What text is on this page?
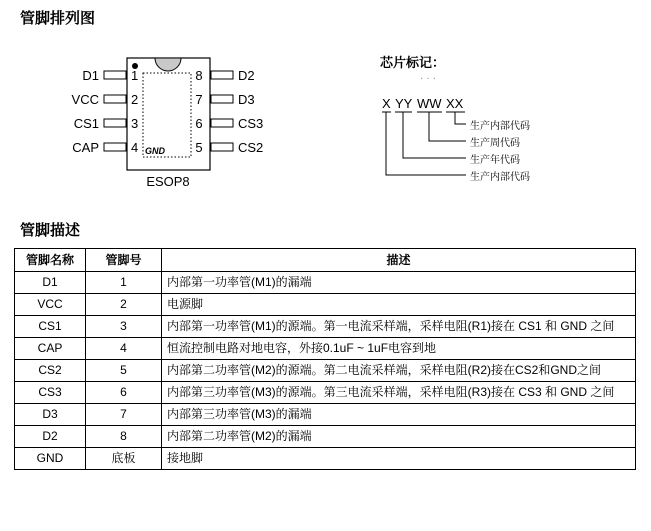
管脚排列图
GND
D1
VCC
CS1
CAP
1
2
3
4
D2
D3
CS3
CS2
8
7
6
5
ESOP8
芯片标记：
· · ·
X YY WW XX
生产内部代码
生产周代码
生产年代码
生产内部代码
管脚描述
管脚名称	管脚号	描述
D1	1	内部第一功率管(M1)的漏端
VCC	2	电源脚
CS1	3	内部第一功率管(M1)的源端。第一电流采样端，采样电阻(R1)接在 CS1 和 GND 之间
CAP	4	恒流控制电路对地电容，外接0.1uF ~ 1uF电容到地
CS2	5	内部第二功率管(M2)的源端。第二电流采样端，采样电阻(R2)接在CS2和GND之间
CS3	6	内部第三功率管(M3)的源端。第三电流采样端，采样电阻(R3)接在 CS3 和 GND 之间
D3	7	内部第三功率管(M3)的漏端
D2	8	内部第二功率管(M2)的漏端
GND	底板	接地脚
